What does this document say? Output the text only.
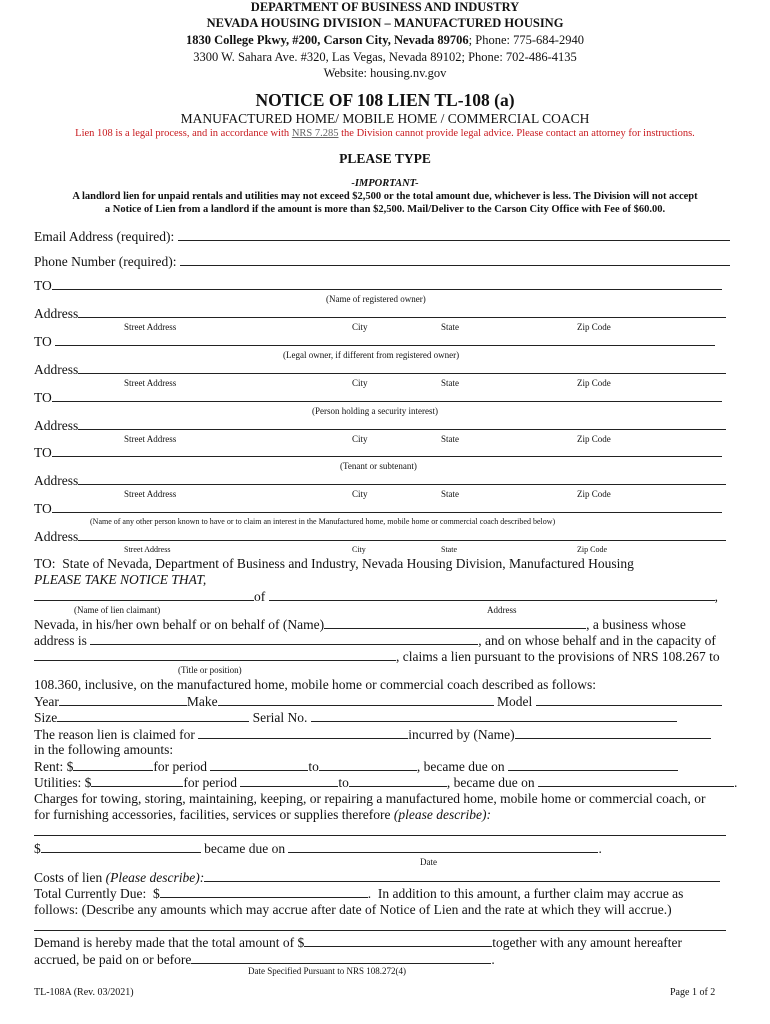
DEPARTMENT OF BUSINESS AND INDUSTRY
NEVADA HOUSING DIVISION – MANUFACTURED HOUSING
1830 College Pkwy, #200, Carson City, Nevada 89706; Phone: 775-684-2940
3300 W. Sahara Ave. #320, Las Vegas, Nevada 89102; Phone: 702-486-4135
Website: housing.nv.gov
NOTICE OF 108 LIEN TL-108 (a)
MANUFACTURED HOME/ MOBILE HOME / COMMERCIAL COACH
Lien 108 is a legal process, and in accordance with NRS 7.285 the Division cannot provide legal advice. Please contact an attorney for instructions.
PLEASE TYPE
-IMPORTANT-
A landlord lien for unpaid rentals and utilities may not exceed $2,500 or the total amount due, whichever is less. The Division will not accept
a Notice of Lien from a landlord if the amount is more than $2,500. Mail/Deliver to the Carson City Office with Fee of $60.00.
Email Address (required):
Phone Number (required):
TO
(Name of registered owner)
Address
Street Address	City	State	Zip Code
TO
(Legal owner, if different from registered owner)
Address
Street Address	City	State	Zip Code
TO
(Person holding a security interest)
Address
Street Address	City	State	Zip Code
TO
(Tenant or subtenant)
Address
Street Address	City	State	Zip Code
TO
(Name of any other person known to have or to claim an interest in the Manufactured home, mobile home or commercial coach described below)
Address
Street Address	City	State	Zip Code
TO:  State of Nevada, Department of Business and Industry, Nevada Housing Division, Manufactured Housing
PLEASE TAKE NOTICE THAT,
of	,
(Name of lien claimant)	Address
Nevada, in his/her own behalf or on behalf of (Name)	, a business whose
address is	, and on whose behalf and in the capacity of
, claims a lien pursuant to the provisions of NRS 108.267 to
(Title or position)
108.360, inclusive, on the manufactured home, mobile home or commercial coach described as follows:
Year	Make	Model
Size	Serial No.
The reason lien is claimed for	incurred by (Name)
in the following amounts:
Rent: $	for period	to	, became due on
Utilities: $	for period	to	, became due on	.
Charges for towing, storing, maintaining, keeping, or repairing a manufactured home, mobile home or commercial coach, or
for furnishing accessories, facilities, services or supplies therefore (please describe):
$	became due on	.
Date
Costs of lien (Please describe):
Total Currently Due:  $	.  In addition to this amount, a further claim may accrue as
follows: (Describe any amounts which may accrue after date of Notice of Lien and the rate at which they will accrue.)
Demand is hereby made that the total amount of $	together with any amount hereafter
accrued, be paid on or before	.
Date Specified Pursuant to NRS 108.272(4)
TL-108A (Rev. 03/2021)	Page 1 of 2
